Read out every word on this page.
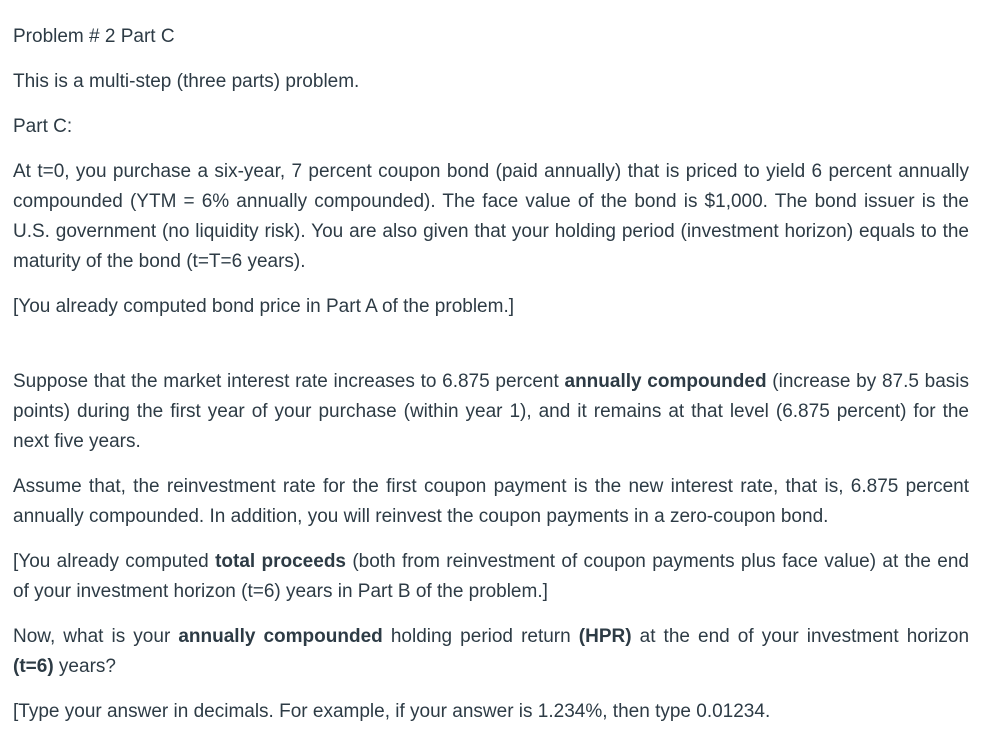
Problem # 2 Part C

This is a multi-step (three parts) problem.

Part C:

At t=0, you purchase a six-year, 7 percent coupon bond (paid annually) that is priced to yield 6 percent annually compounded (YTM = 6% annually compounded). The face value of the bond is $1,000. The bond issuer is the U.S. government (no liquidity risk). You are also given that your holding period (investment horizon) equals to the maturity of the bond (t=T=6 years).

[You already computed bond price in Part A of the problem.]

Suppose that the market interest rate increases to 6.875 percent annually compounded (increase by 87.5 basis points) during the first year of your purchase (within year 1), and it remains at that level (6.875 percent) for the next five years.

Assume that, the reinvestment rate for the first coupon payment is the new interest rate, that is, 6.875 percent annually compounded. In addition, you will reinvest the coupon payments in a zero-coupon bond.

[You already computed total proceeds (both from reinvestment of coupon payments plus face value) at the end of your investment horizon (t=6) years in Part B of the problem.]

Now, what is your annually compounded holding period return (HPR) at the end of your investment horizon (t=6) years?

[Type your answer in decimals. For example, if your answer is 1.234%, then type 0.01234.
